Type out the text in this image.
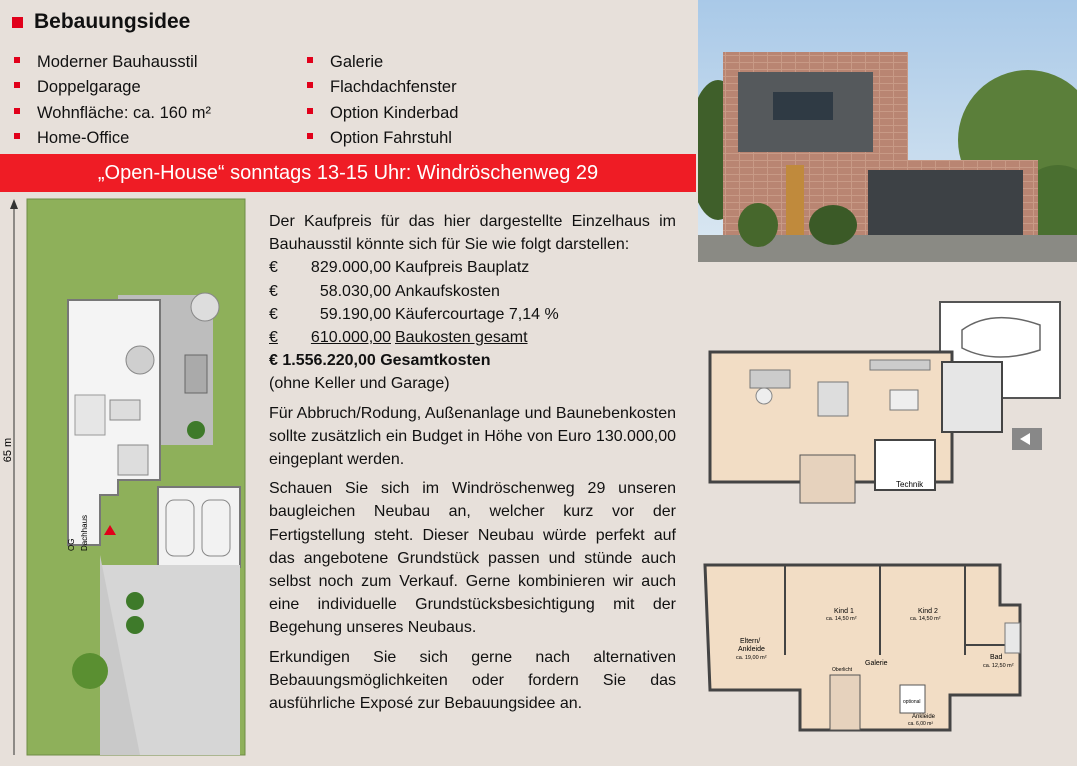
Bebauungsidee
Moderner Bauhausstil
Doppelgarage
Wohnfläche: ca. 160 m²
Home-Office
Galerie
Flachdachfenster
Option Kinderbad
Option Fahrstuhl
„Open-House“ sonntags 13-15 Uhr: Windröschenweg 29
65 m
Dachhaus
OG

Der Kaufpreis für das hier dargestellte Einzelhaus im Bauhausstil könnte sich für Sie wie folgt darstellen:

€	829.000,00 Kaufpreis Bauplatz
€	58.030,00 Ankaufskosten
€	59.190,00 Käufercourtage 7,14 %
€	610.000,00 Baukosten gesamt

€ 1.556.220,00 Gesamtkosten

(ohne Keller und Garage)

Für Abbruch/Rodung, Außenanlage und Baunebenkosten sollte zusätzlich ein Budget in Höhe von Euro 130.000,00 eingeplant werden.

Schauen Sie sich im Windröschenweg 29 unseren baugleichen Neubau an, welcher kurz vor der Fertigstellung steht. Dieser Neubau würde perfekt auf das angebotene Grundstück passen und stünde auch selbst noch zum Verkauf. Gerne kombinieren wir auch eine individuelle Grundstücksbesichtigung mit der Begehung unseres Neubaus.

Erkundigen Sie sich gerne nach alternativen Bebauungsmöglichkeiten oder fordern Sie das ausführliche Exposé zur Bebauungsidee an.

Technik
Eltern/
Ankleide
ca. 19,00 m²
Kind 1
ca. 14,50 m²
Kind 2
ca. 14,50 m²
Galerie
Oberlicht
Bad
ca. 12,50 m²
Ankleide
ca. 6,00 m²
optional
